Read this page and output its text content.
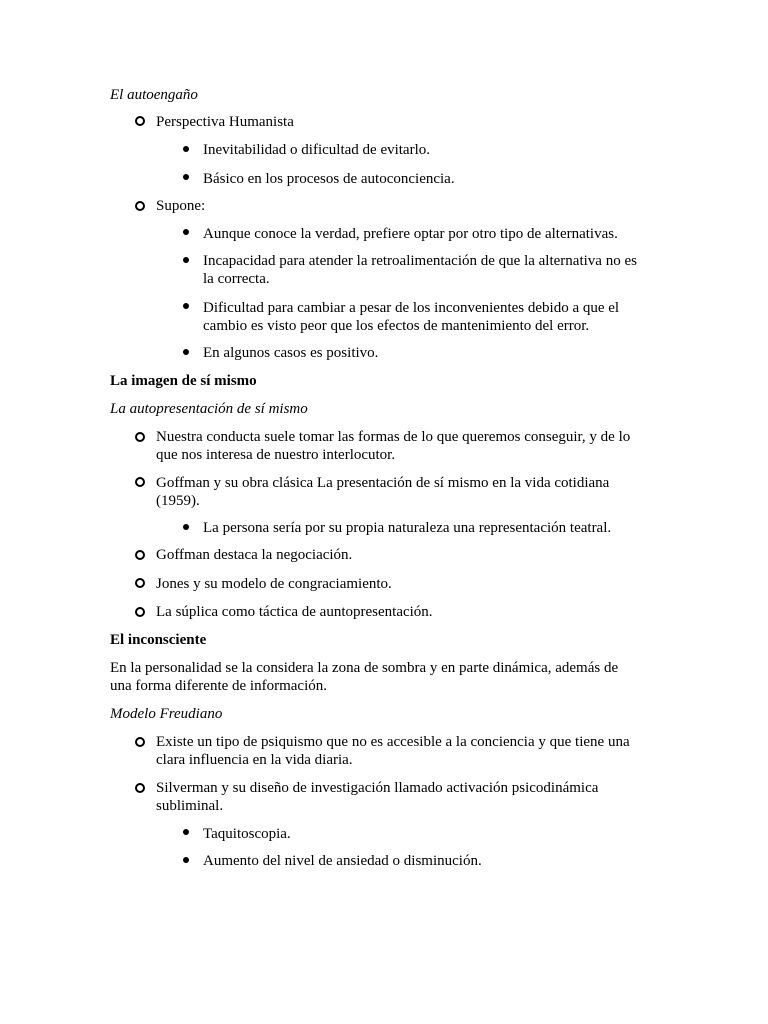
El autoengaño
Perspectiva Humanista
Inevitabilidad o dificultad de evitarlo.
Básico en los procesos de autoconciencia.
Supone:
Aunque conoce la verdad, prefiere optar por otro tipo de alternativas.
Incapacidad para atender la retroalimentación de que la alternativa no es
la correcta.
Dificultad para cambiar a pesar de los inconvenientes debido a que el
cambio es visto peor que los efectos de mantenimiento del error.
En algunos casos es positivo.
La imagen de sí mismo
La autopresentación de sí mismo
Nuestra conducta suele tomar las formas de lo que queremos conseguir, y de lo
que nos interesa de nuestro interlocutor.
Goffman y su obra clásica La presentación de sí mismo en la vida cotidiana
(1959).
La persona sería por su propia naturaleza una representación teatral.
Goffman destaca la negociación.
Jones y su modelo de congraciamiento.
La súplica como táctica de auntopresentación.
El inconsciente
En la personalidad se la considera la zona de sombra y en parte dinámica, además de
una forma diferente de información.
Modelo Freudiano
Existe un tipo de psiquismo que no es accesible a la conciencia y que tiene una
clara influencia en la vida diaria.
Silverman y su diseño de investigación llamado activación psicodinámica
subliminal.
Taquitoscopia.
Aumento del nivel de ansiedad o disminución.
